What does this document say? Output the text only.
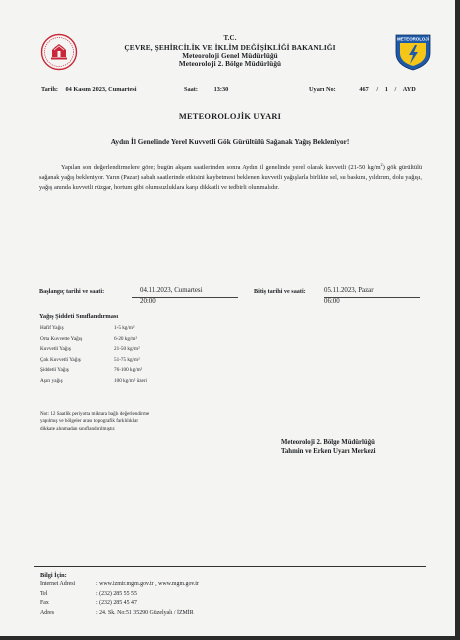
METEOROLOJİ
T.C.
ÇEVRE, ŞEHİRCİLİK VE İKLİM DEĞİŞİKLİĞİ BAKANLIĞI
Meteoroloji Genel Müdürlüğü
Meteoroloji 2. Bölge Müdürlüğü
Tarih: 04 Kasım 2023, Cumartesi	Saat: 13:30	Uyarı No:	467 / 1 / AYD
METEOROLOJİK UYARI
Aydın İl Genelinde Yerel Kuvvetli Gök Gürültülü Sağanak Yağış Bekleniyor!

Yapılan son değerlendirmelere göre; bugün akşam saatlerinden sonra Aydın il genelinde yerel olarak kuvvetli (21-50 $kg/m^2$) gök gürültülü sağanak yağış bekleniyor. Yarın (Pazar) sabah saatlerinde etkisini kaybetmesi beklenen kuvvetli yağışlarla birlikte sel, su baskını, yıldırım, dolu yağışı, yağış anında kuvvetli rüzgar, hortum gibi olumsuzluklara karşı dikkatli ve tedbirli olunmalıdır.

Başlangıç tarihi ve saati:	04.11.2023, Cumartesi
20:00
Bitiş tarihi ve saati:	05.11.2023, Pazar
06:00
Yağış Şiddeti Sınıflandırması
Hafif Yağış	1-5 kg/m²
Orta Kuvvette Yağış	6-20 kg/m²
Kuvvetli Yağış	21-50 kg/m²
Çok Kuvvetli Yağış	51-75 kg/m²
Şiddetli Yağış	76-100 kg/m²
Aşırı yağış	100 kg/m² üzeri
Not: 12 Saatlik periyotta miktara bağlı değerlendirme
yapılmış ve bölgeler arası topografik farklılıklar
dikkate alınmadan sınıflandırılmıştır.
Meteoroloji 2. Bölge Müdürlüğü
Tahmin ve Erken Uyarı Merkezi
Bilgi İçin:
Internet Adresi	: www.izmir.mgm.gov.tr , www.mgm.gov.tr
Tel	: (232) 285 55 55
Fax	: (232) 285 45 47
Adres	: 24. Sk. No:51 35290 Güzelyalı / İZMİR
